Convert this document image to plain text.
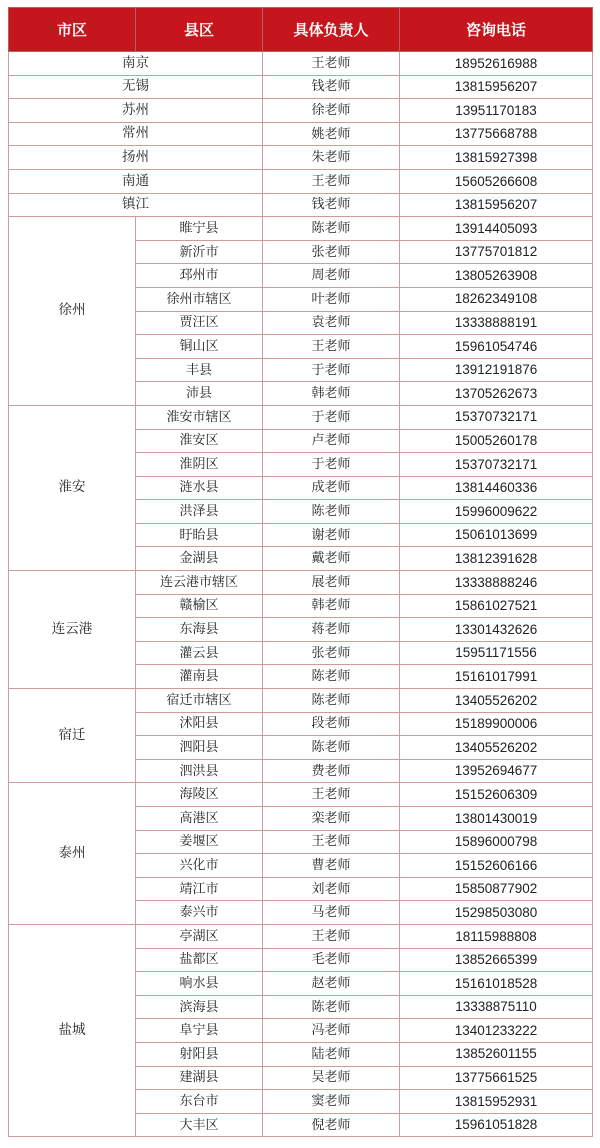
市区	县区	具体负责人	咨询电话
南京		王老师	18952616988
无锡		钱老师	13815956207
苏州		徐老师	13951170183
常州		姚老师	13775668788
扬州		朱老师	13815927398
南通		王老师	15605266608
镇江		钱老师	13815956207
徐州	睢宁县	陈老师	13914405093
	新沂市	张老师	13775701812
	邳州市	周老师	13805263908
	徐州市辖区	叶老师	18262349108
	贾汪区	袁老师	13338888191
	铜山区	王老师	15961054746
	丰县	于老师	13912191876
	沛县	韩老师	13705262673
淮安	淮安市辖区	于老师	15370732171
	淮安区	卢老师	15005260178
	淮阴区	于老师	15370732171
	涟水县	成老师	13814460336
	洪泽县	陈老师	15996009622
	盱眙县	谢老师	15061013699
	金湖县	戴老师	13812391628
连云港	连云港市辖区	展老师	13338888246
	赣榆区	韩老师	15861027521
	东海县	蒋老师	13301432626
	灌云县	张老师	15951171556
	灌南县	陈老师	15161017991
宿迁	宿迁市辖区	陈老师	13405526202
	沭阳县	段老师	15189900006
	泗阳县	陈老师	13405526202
	泗洪县	费老师	13952694677
泰州	海陵区	王老师	15152606309
	高港区	栾老师	13801430019
	姜堰区	王老师	15896000798
	兴化市	曹老师	15152606166
	靖江市	刘老师	15850877902
	泰兴市	马老师	15298503080
盐城	亭湖区	王老师	18115988808
	盐都区	毛老师	13852665399
	响水县	赵老师	15161018528
	滨海县	陈老师	13338875110
	阜宁县	冯老师	13401233222
	射阳县	陆老师	13852601155
	建湖县	吴老师	13775661525
	东台市	窦老师	13815952931
	大丰区	倪老师	15961051828
